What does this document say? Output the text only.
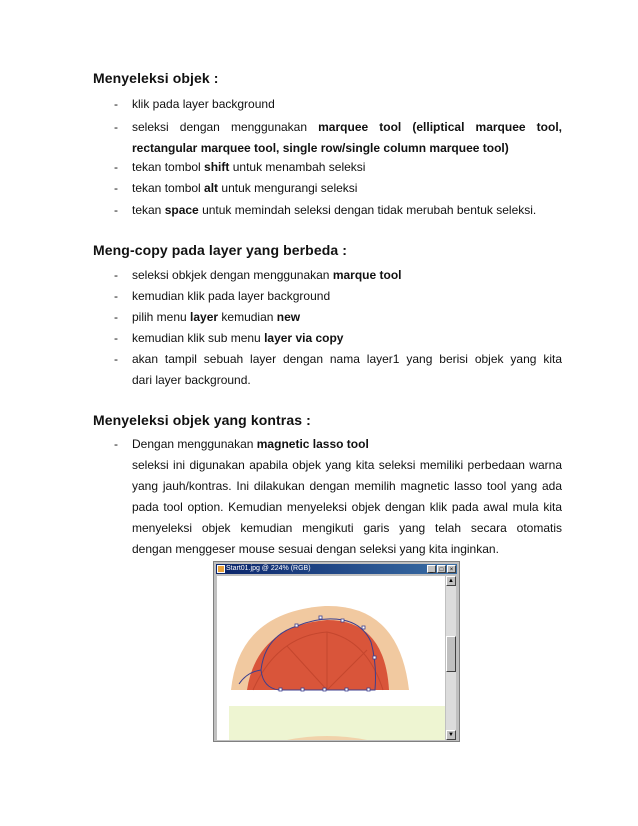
Menyeleksi objek :
-	klik pada layer background
-	seleksi dengan menggunakan marquee tool (elliptical marquee tool,
rectangular marquee tool, single row/single column marquee tool)
-	tekan tombol shift untuk menambah seleksi
-	tekan tombol alt untuk mengurangi seleksi
-	tekan space untuk memindah seleksi dengan tidak merubah bentuk seleksi.
Meng-copy pada layer yang berbeda :
-	seleksi obkjek dengan menggunakan marque tool
-	kemudian klik pada layer background
-	pilih menu layer kemudian new
-	kemudian klik sub menu layer via copy
-	akan tampil sebuah layer dengan nama layer1 yang berisi objek yang kita
dari layer background.
Menyeleksi objek yang kontras :
-	Dengan menggunakan magnetic lasso tool
seleksi ini digunakan apabila objek yang kita seleksi memiliki perbedaan warna
yang jauh/kontras. Ini dilakukan dengan memilih magnetic lasso tool yang ada
pada tool option. Kemudian menyeleksi objek dengan klik pada awal mula kita
menyeleksi objek kemudian mengikuti garis yang telah secara otomatis
dengan menggeser mouse sesuai dengan seleksi yang kita inginkan.
Start01.jpg @ 224% (RGB)	_ □ ×
▲
▼
